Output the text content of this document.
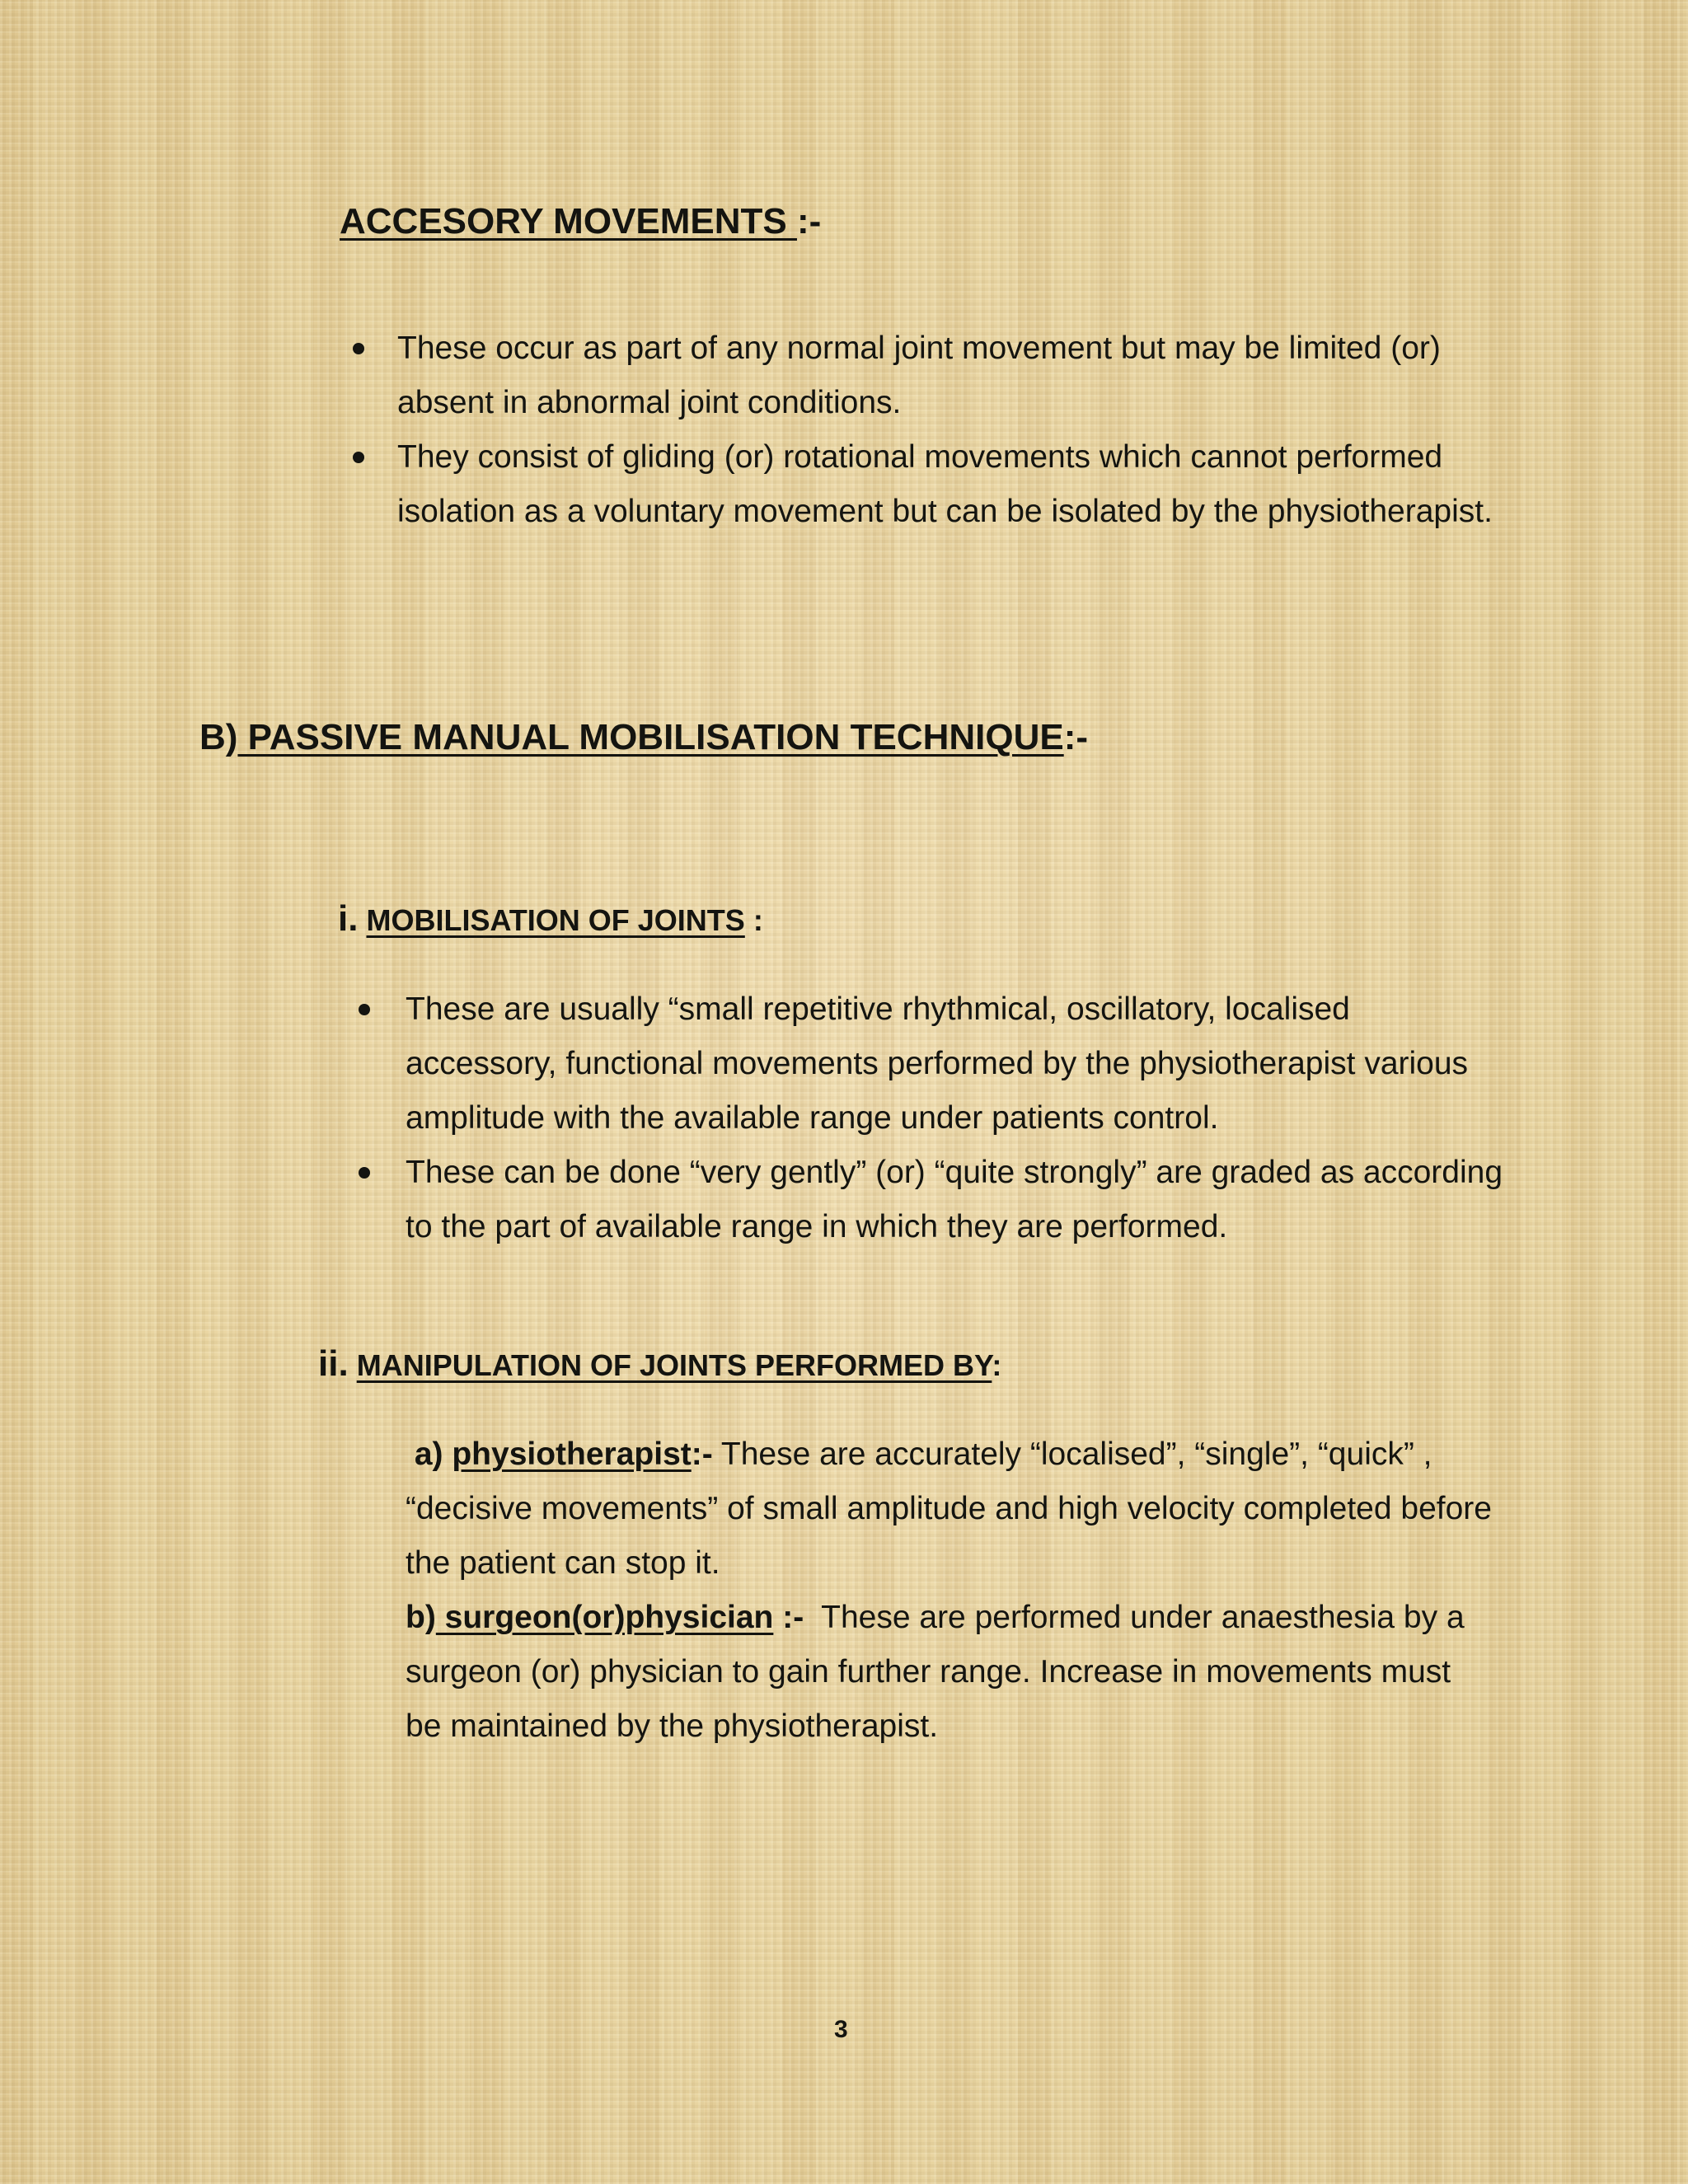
ACCESORY MOVEMENTS :-
These occur as part of any normal joint movement but may be limited (or) absent in abnormal joint conditions.
They consist of gliding (or) rotational movements which cannot performed isolation as a voluntary movement but can be isolated by the physiotherapist.
B) PASSIVE MANUAL MOBILISATION TECHNIQUE:-
i. MOBILISATION OF JOINTS :
These are usually “small repetitive rhythmical, oscillatory, localised accessory, functional movements performed by the physiotherapist various amplitude with the available range under patients control.
These can be done “very gently” (or) “quite strongly” are graded as according to the part of available range in which they are performed.
ii. MANIPULATION OF JOINTS PERFORMED BY:
a) physiotherapist:- These are accurately “localised”, “single”, “quick” , “decisive movements” of small amplitude and high velocity completed before the patient can stop it.
b) surgeon(or)physician :-  These are performed under anaesthesia by a surgeon (or) physician to gain further range. Increase in movements must be maintained by the physiotherapist.
3
